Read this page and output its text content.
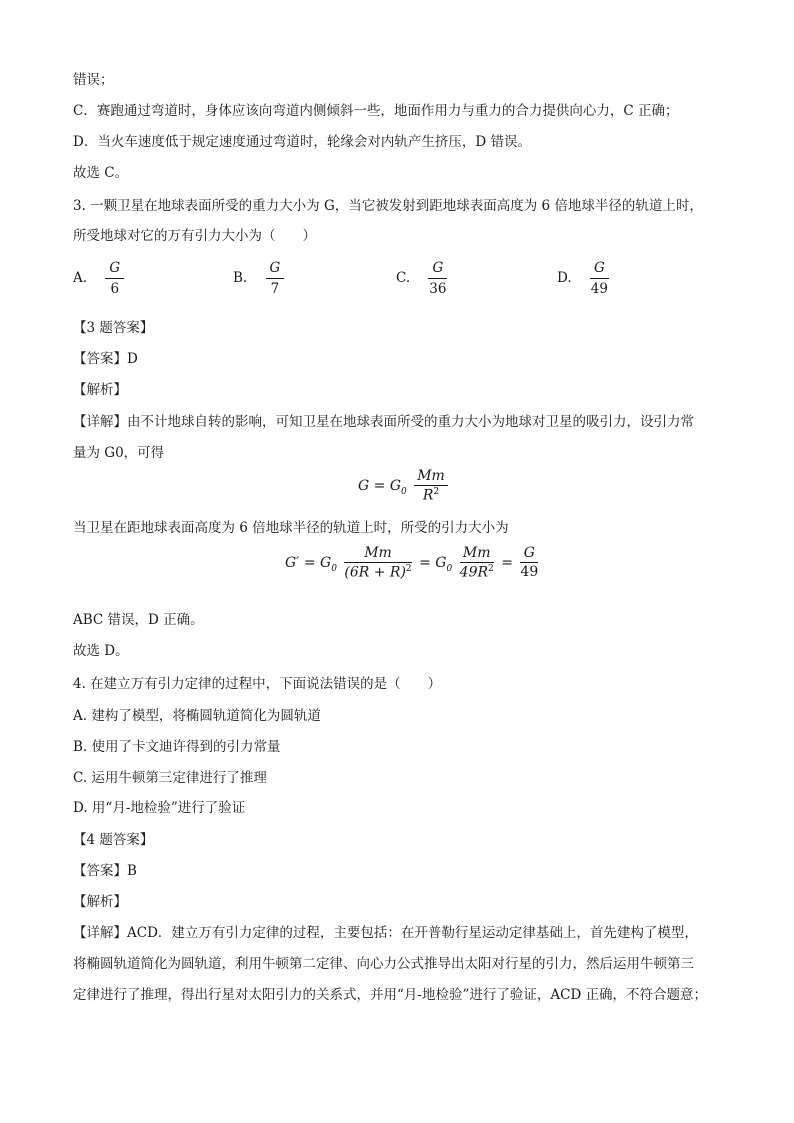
错误；
C．赛跑通过弯道时，身体应该向弯道内侧倾斜一些，地面作用力与重力的合力提供向心力，C 正确；
D．当火车速度低于规定速度通过弯道时，轮缘会对内轨产生挤压，D 错误。
故选 C。
3. 一颗卫星在地球表面所受的重力大小为 G，当它被发射到距地球表面高度为 6 倍地球半径的轨道上时，
所受地球对它的万有引力大小为（　　）
A. $\frac{G}{6}$	B. $\frac{G}{7}$	C. $\frac{G}{36}$	D. $\frac{G}{49}$
【3 题答案】
【答案】D
【解析】
【详解】由不计地球自转的影响，可知卫星在地球表面所受的重力大小为地球对卫星的吸引力，设引力常
量为 G0，可得
$G = G_0 \frac{Mm}{R^2}$
当卫星在距地球表面高度为 6 倍地球半径的轨道上时，所受的引力大小为
$G' = G_0 \frac{Mm}{(6R + R)^2} = G_0 \frac{Mm}{49R^2} = \frac{G}{49}$
ABC 错误，D 正确。
故选 D。
4. 在建立万有引力定律的过程中，下面说法错误的是（　　）
A. 建构了模型，将椭圆轨道简化为圆轨道
B. 使用了卡文迪许得到的引力常量
C. 运用牛顿第三定律进行了推理
D. 用“月-地检验”进行了验证
【4 题答案】
【答案】B
【解析】
【详解】ACD．建立万有引力定律的过程，主要包括：在开普勒行星运动定律基础上，首先建构了模型，
将椭圆轨道简化为圆轨道，利用牛顿第二定律、向心力公式推导出太阳对行星的引力，然后运用牛顿第三
定律进行了推理，得出行星对太阳引力的关系式，并用“月-地检验”进行了验证，ACD 正确，不符合题意；
